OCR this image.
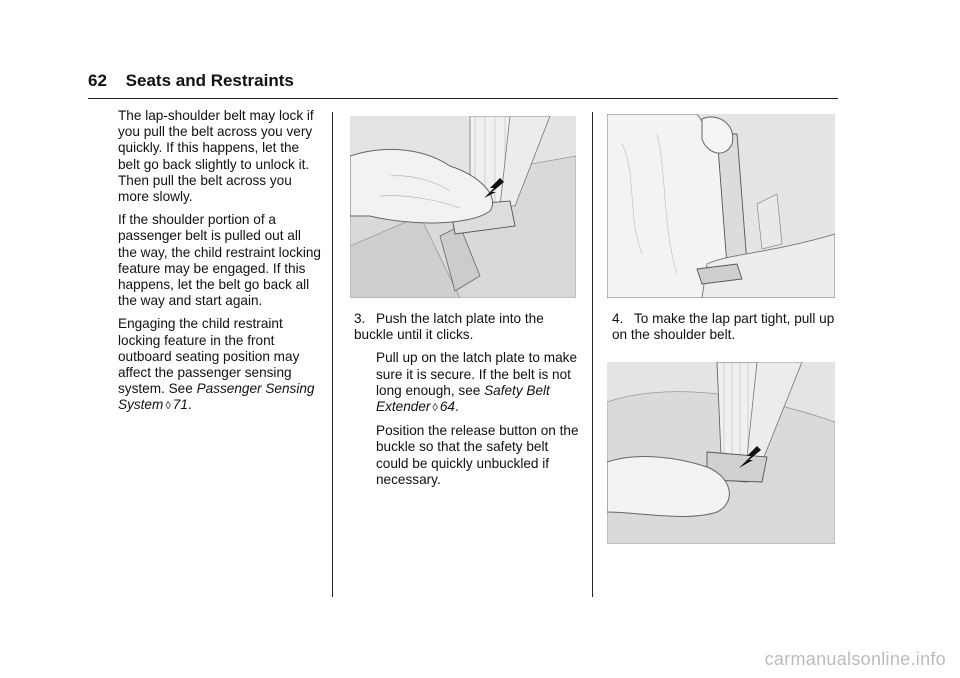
62 Seats and Restraints

The lap-shoulder belt may lock if you pull the belt across you very quickly. If this happens, let the belt go back slightly to unlock it. Then pull the belt across you more slowly.

If the shoulder portion of a passenger belt is pulled out all the way, the child restraint locking feature may be engaged. If this happens, let the belt go back all the way and start again.

Engaging the child restraint locking feature in the front outboard seating position may affect the passenger sensing system. See Passenger Sensing System ◊ 71.

3. Push the latch plate into the buckle until it clicks.

Pull up on the latch plate to make sure it is secure. If the belt is not long enough, see Safety Belt Extender ◊ 64.

Position the release button on the buckle so that the safety belt could be quickly unbuckled if necessary.

4. To make the lap part tight, pull up on the shoulder belt.

carmanualsonline.info
